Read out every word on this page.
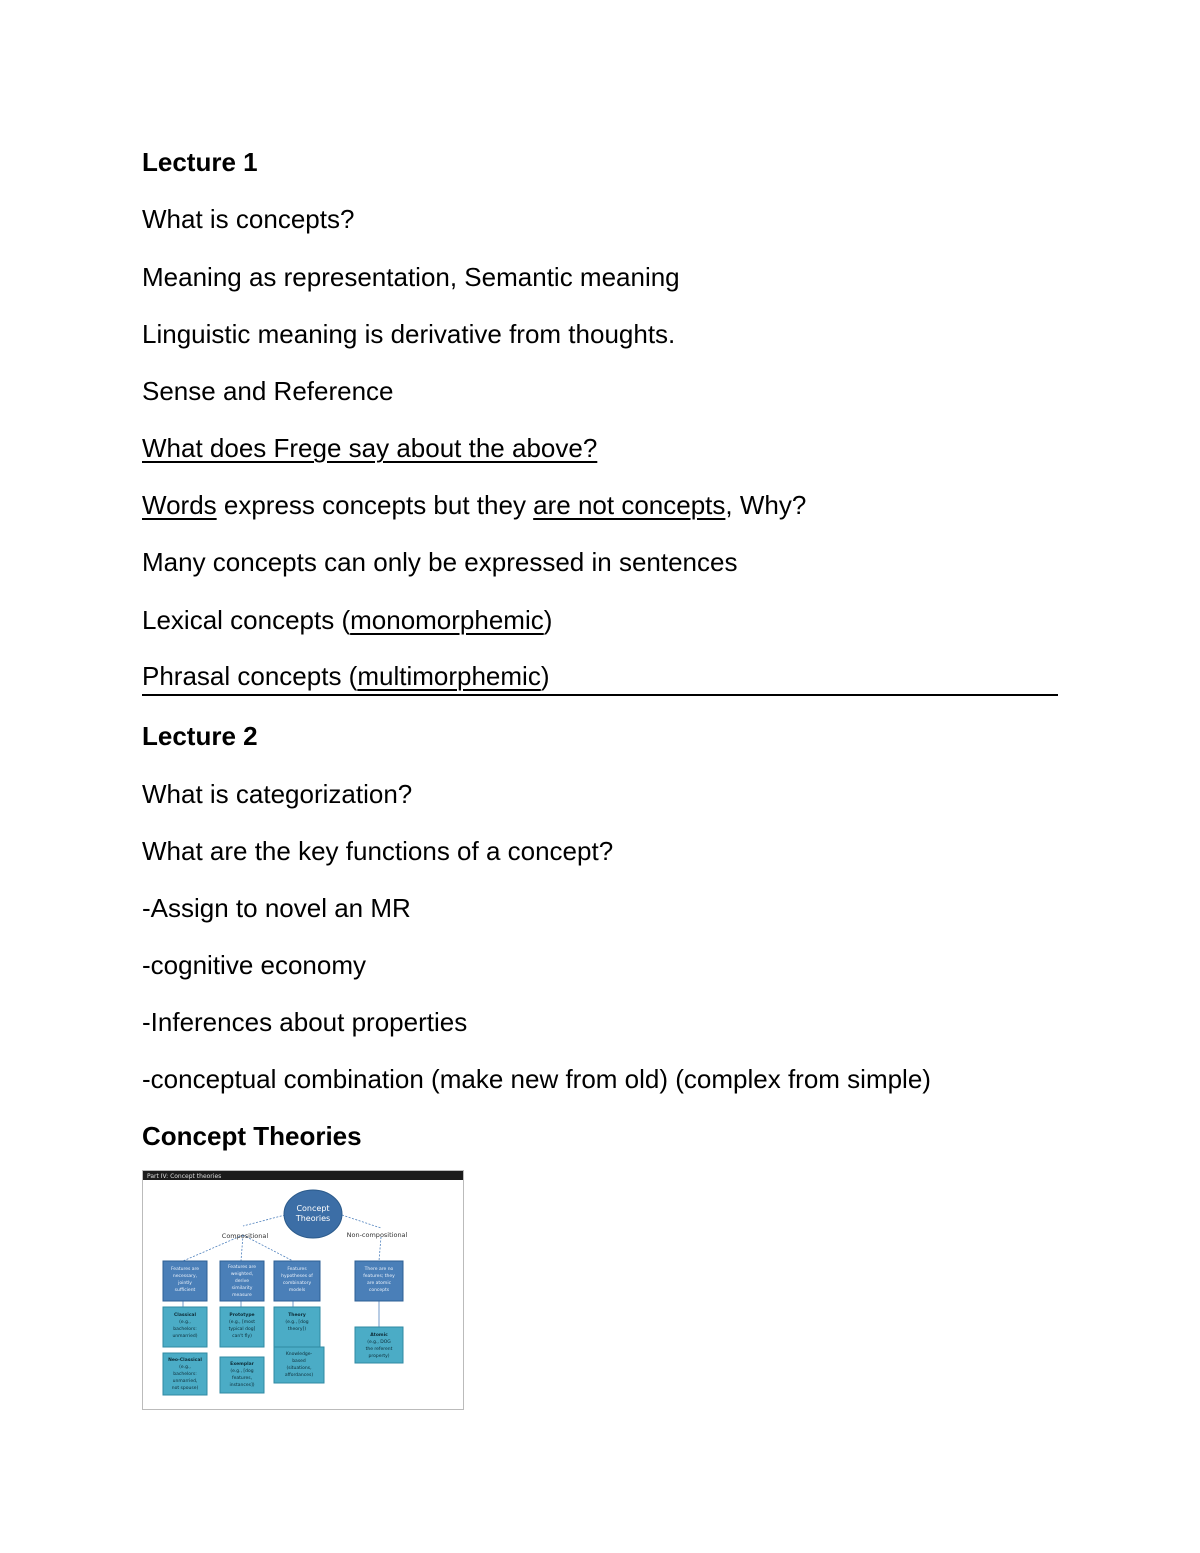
Lecture 1
What is concepts?
Meaning as representation, Semantic meaning
Linguistic meaning is derivative from thoughts.
Sense and Reference
What does Frege say about the above?
Words express concepts but they are not concepts, Why?
Many concepts can only be expressed in sentences
Lexical concepts (monomorphemic)
Phrasal concepts (multimorphemic)
Lecture 2
What is categorization?
What are the key functions of a concept?
-Assign to novel an MR
-cognitive economy
-Inferences about properties
-conceptual combination (make new from old) (complex from simple)
Concept Theories
Part IV: Concept theories
Concept
Theories
Compositional	Non-compositional
Features are
necessary,
jointly
sufficient
Features are
weighted,
derive
similarity
measure
Features
hypotheses of
combinatory
models
There are no
features; they
are atomic
concepts
Classical
(e.g.,
bachelors:
unmarried)
Prototype
(e.g., [most
typical dog]
can't fly)
Theory
(e.g., [dog
theory])
Atomic
(e.g., DOG
the referent
property)
Neo-Classical
(e.g.,
bachelors:
unmarried,
not spouse)
Exemplar
(e.g., [dog
features,
instances])
Knowledge-
based
(situations,
affordances)
